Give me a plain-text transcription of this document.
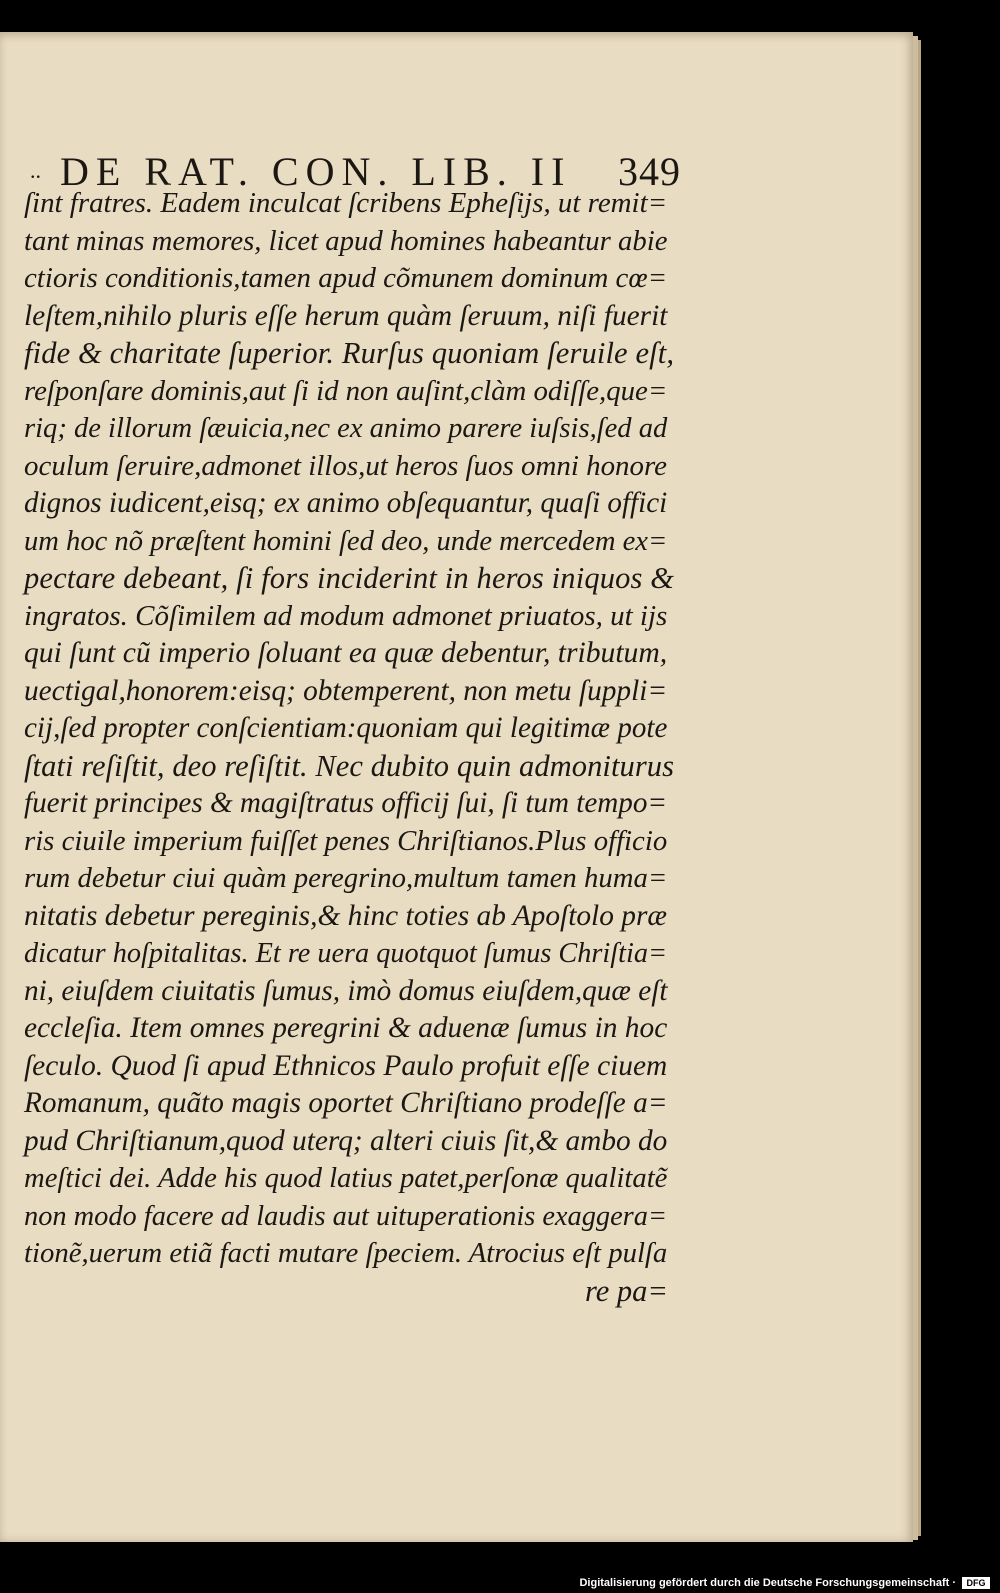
.. DE RAT. CON. LIB. II 349
ſint fratres. Eadem inculcat ſcribens Epheſijs, ut remit=
tant minas memores, licet apud homines habeantur abie
ctioris conditionis,tamen apud cõmunem dominum cœ=
leſtem,nihilo pluris eſſe herum quàm ſeruum, niſi fuerit
fide & charitate ſuperior. Rurſus quoniam ſeruile eſt,
reſponſare dominis,aut ſi id non auſint,clàm odiſſe,que=
riq; de illorum ſæuicia,nec ex animo parere iuſsis,ſed ad
oculum ſeruire,admonet illos,ut heros ſuos omni honore
dignos iudicent,eisq; ex animo obſequantur, quaſi offici
um hoc nõ præſtent homini ſed deo, unde mercedem ex=
pectare debeant, ſi fors inciderint in heros iniquos &
ingratos. Cõſimilem ad modum admonet priuatos, ut ijs
qui ſunt cũ imperio ſoluant ea quæ debentur, tributum,
uectigal,honorem:eisq; obtemperent, non metu ſuppli=
cij,ſed propter conſcientiam:quoniam qui legitimæ pote
ſtati reſiſtit, deo reſiſtit. Nec dubito quin admoniturus
fuerit principes & magiſtratus officij ſui, ſi tum tempo=
ris ciuile imperium fuiſſet penes Chriſtianos.Plus officio
rum debetur ciui quàm peregrino,multum tamen huma=
nitatis debetur pereginis,& hinc toties ab Apoſtolo præ
dicatur hoſpitalitas. Et re uera quotquot ſumus Chriſtia=
ni, eiuſdem ciuitatis ſumus, imò domus eiuſdem,quæ eſt
eccleſia. Item omnes peregrini & aduenæ ſumus in hoc
ſeculo. Quod ſi apud Ethnicos Paulo profuit eſſe ciuem
Romanum, quãto magis oportet Chriſtiano prodeſſe a=
pud Chriſtianum,quod uterq; alteri ciuis ſit,& ambo do
meſtici dei. Adde his quod latius patet,perſonæ qualitatẽ
non modo facere ad laudis aut uituperationis exaggera=
tionẽ,uerum etiã facti mutare ſpeciem. Atrocius eſt pulſa
re pa=
Digitalisierung gefördert durch die Deutsche Forschungsgemeinschaft ·	DFG
